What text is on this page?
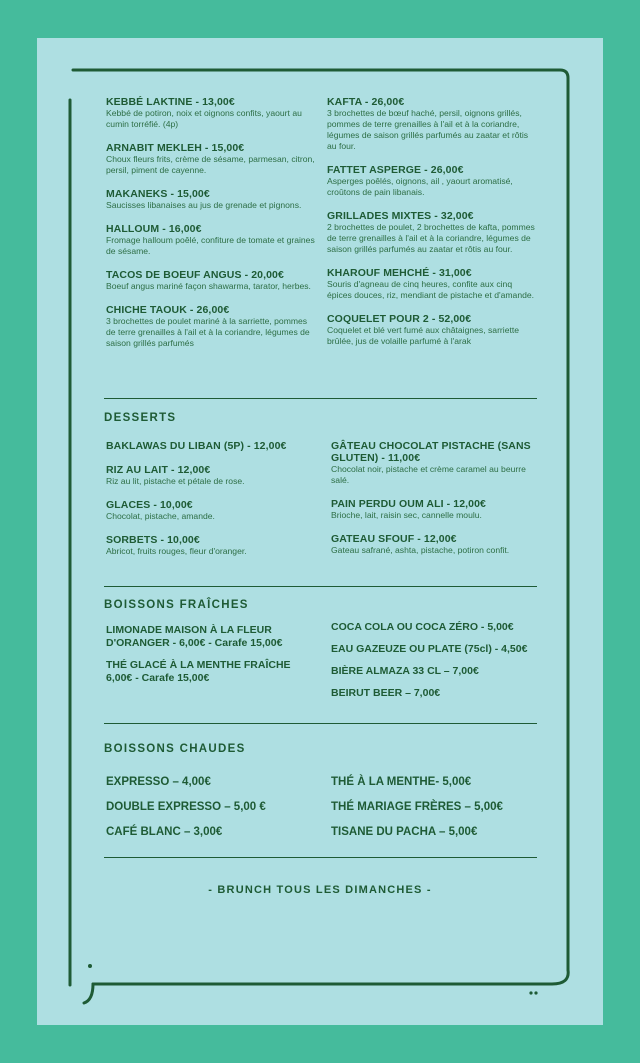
KEBBÉ LAKTINE - 13,00€
Kebbé de potiron, noix et oignons confits, yaourt au cumin torréfié. (4p)
ARNABIT MEKLEH - 15,00€
Choux fleurs frits, crème de sésame, parmesan, citron, persil, piment de cayenne.
MAKANEKS - 15,00€
Saucisses libanaises au jus de grenade et pignons.
HALLOUM - 16,00€
Fromage halloum poêlé, confiture de tomate et graines de sésame.
TACOS DE BOEUF ANGUS - 20,00€
Boeuf angus mariné façon shawarma, tarator, herbes.
CHICHE TAOUK - 26,00€
3 brochettes de poulet mariné à la sarriette, pommes de terre grenailles à l'ail et à la coriandre, légumes de saison grillés parfumés
KAFTA - 26,00€
3 brochettes de bœuf haché, persil, oignons grillés, pommes de terre grenailles à l'ail et à la coriandre, légumes de saison grillés parfumés au zaatar et rôtis au four.
FATTET ASPERGE - 26,00€
Asperges poêlés, oignons, ail , yaourt aromatisé, croûtons de pain libanais.
GRILLADES MIXTES - 32,00€
2 brochettes de poulet, 2 brochettes de kafta, pommes de terre grenailles à l'ail et à la coriandre, légumes de saison grillés parfumés au zaatar et rôtis au four.
KHAROUF MEHCHÉ - 31,00€
Souris d'agneau de cinq heures, confite aux cinq épices douces, riz, mendiant de pistache et d'amande.
COQUELET POUR 2 - 52,00€
Coquelet et blé vert fumé aux châtaignes, sarriette brûlée, jus de volaille parfumé à l'arak
DESSERTS
BAKLAWAS DU LIBAN (5P) - 12,00€
RIZ AU LAIT - 12,00€
Riz au lit, pistache et pétale de rose.
GLACES - 10,00€
Chocolat, pistache, amande.
SORBETS - 10,00€
Abricot, fruits rouges, fleur d'oranger.
GÂTEAU CHOCOLAT PISTACHE (SANS GLUTEN) - 11,00€
Chocolat noir, pistache et crème caramel au beurre salé.
PAIN PERDU OUM ALI - 12,00€
Brioche, lait, raisin sec, cannelle moulu.
GATEAU SFOUF - 12,00€
Gateau safrané, ashta, pistache, potiron confit.
BOISSONS FRAÎCHES
LIMONADE MAISON À LA FLEUR D'ORANGER - 6,00€ - Carafe 15,00€
THÉ GLACÉ À LA MENTHE FRAÎCHE 6,00€ - Carafe 15,00€
COCA COLA OU COCA ZÉRO - 5,00€
EAU GAZEUZE OU PLATE (75cl) - 4,50€
BIÈRE ALMAZA 33 CL – 7,00€
BEIRUT BEER – 7,00€
BOISSONS CHAUDES
EXPRESSO – 4,00€
DOUBLE EXPRESSO – 5,00 €
CAFÉ BLANC – 3,00€
THÉ À LA MENTHE- 5,00€
THÉ MARIAGE FRÈRES – 5,00€
TISANE DU PACHA – 5,00€
- BRUNCH TOUS LES DIMANCHES -
